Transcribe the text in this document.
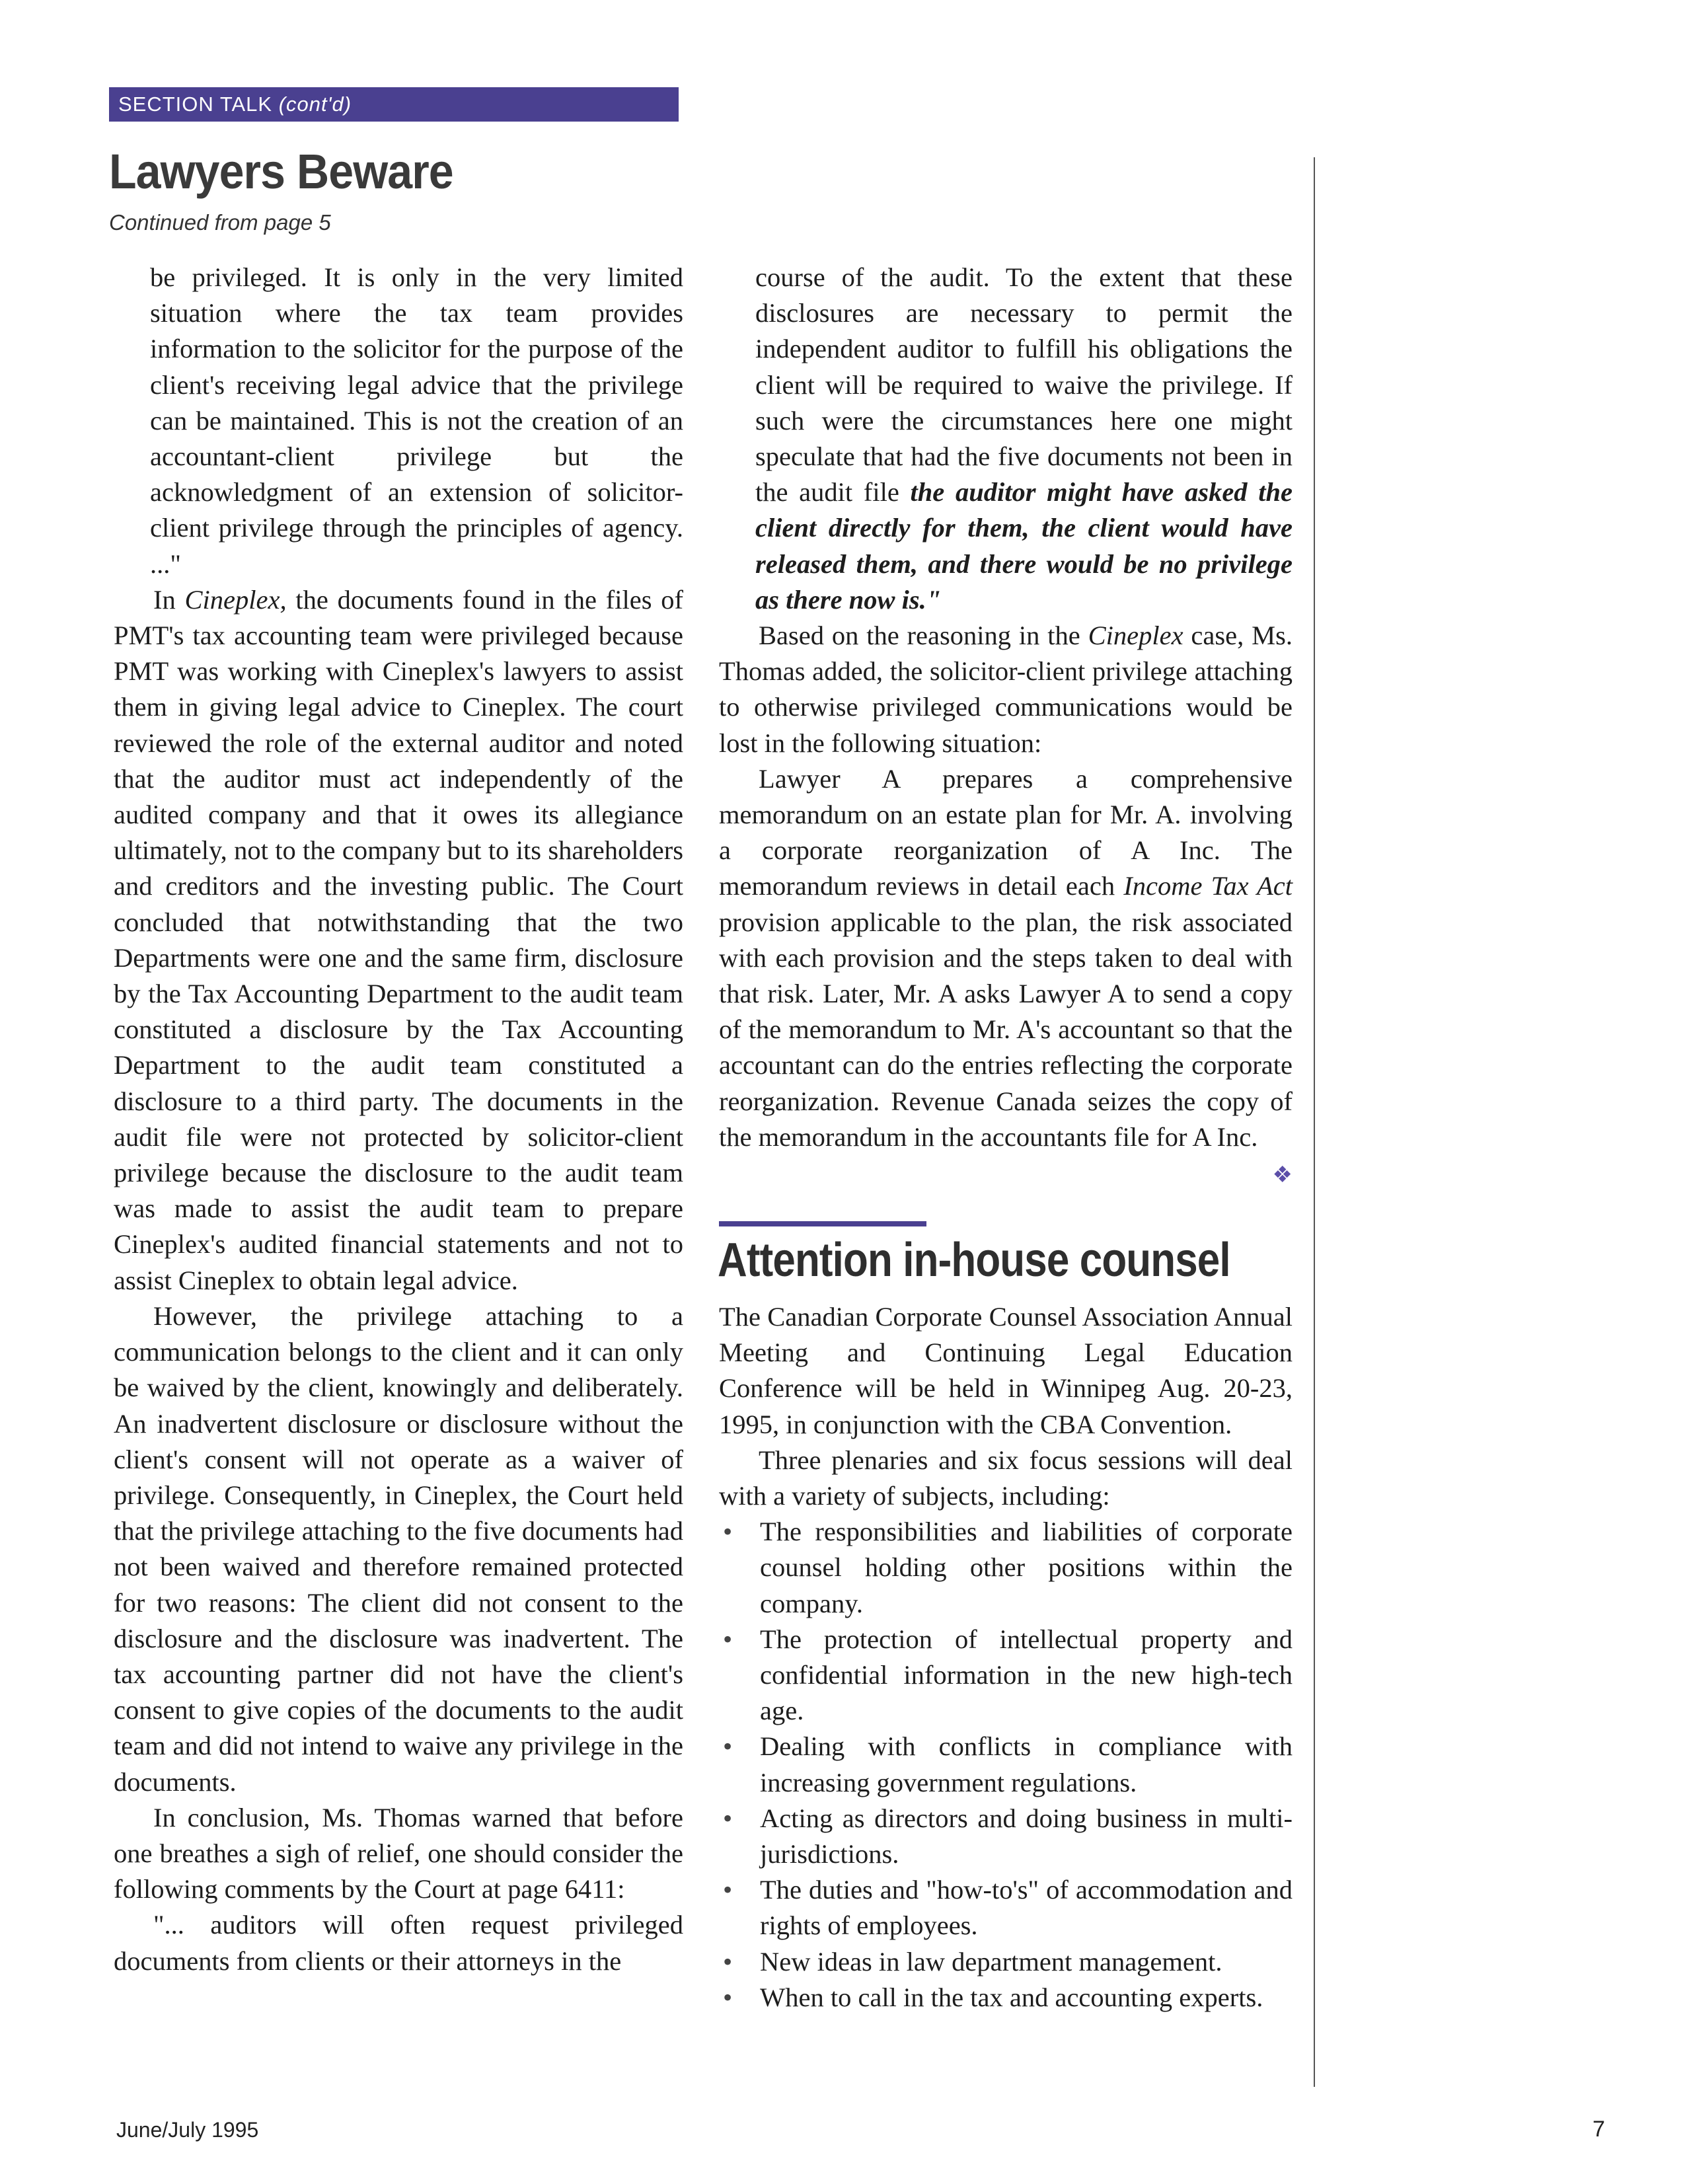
SECTION TALK (cont'd)
Lawyers Beware
Continued from page 5

be privileged. It is only in the very limited situation where the tax team provides information to the solicitor for the purpose of the client's receiving legal advice that the privilege can be maintained. This is not the creation of an accountant-client privilege but the acknowledgment of an extension of solicitor-client privilege through the principles of agency. ..."

In Cineplex, the documents found in the files of PMT's tax accounting team were privileged because PMT was working with Cineplex's lawyers to assist them in giving legal advice to Cineplex. The court reviewed the role of the external auditor and noted that the auditor must act independently of the audited company and that it owes its allegiance ultimately, not to the company but to its shareholders and creditors and the investing public. The Court concluded that notwithstanding that the two Departments were one and the same firm, disclosure by the Tax Accounting Department to the audit team constituted a disclosure by the Tax Accounting Department to the audit team constituted a disclosure to a third party. The documents in the audit file were not protected by solicitor-client privilege because the disclosure to the audit team was made to assist the audit team to prepare Cineplex's audited financial statements and not to assist Cineplex to obtain legal advice.

However, the privilege attaching to a communication belongs to the client and it can only be waived by the client, knowingly and deliberately. An inadvertent disclosure or disclosure without the client's consent will not operate as a waiver of privilege. Consequently, in Cineplex, the Court held that the privilege attaching to the five documents had not been waived and therefore remained protected for two reasons: The client did not consent to the disclosure and the disclosure was inadvertent. The tax accounting partner did not have the client's consent to give copies of the documents to the audit team and did not intend to waive any privilege in the documents.

In conclusion, Ms. Thomas warned that before one breathes a sigh of relief, one should consider the following comments by the Court at page 6411:

"... auditors will often request privileged documents from clients or their attorneys in the

course of the audit. To the extent that these disclosures are necessary to permit the independent auditor to fulfill his obligations the client will be required to waive the privilege. If such were the circumstances here one might speculate that had the five documents not been in the audit file the auditor might have asked the client directly for them, the client would have released them, and there would be no privilege as there now is."

Based on the reasoning in the Cineplex case, Ms. Thomas added, the solicitor-client privilege attaching to otherwise privileged communications would be lost in the following situation:

Lawyer A prepares a comprehensive memorandum on an estate plan for Mr. A. involving a corporate reorganization of A Inc. The memorandum reviews in detail each Income Tax Act provision applicable to the plan, the risk associated with each provision and the steps taken to deal with that risk. Later, Mr. A asks Lawyer A to send a copy of the memorandum to Mr. A's accountant so that the accountant can do the entries reflecting the corporate reorganization. Revenue Canada seizes the copy of the memorandum in the accountants file for A Inc.
❖

Attention in-house counsel

The Canadian Corporate Counsel Association Annual Meeting and Continuing Legal Education Conference will be held in Winnipeg Aug. 20-23, 1995, in conjunction with the CBA Convention.

Three plenaries and six focus sessions will deal with a variety of subjects, including:

• The responsibilities and liabilities of corporate counsel holding other positions within the company.
• The protection of intellectual property and confidential information in the new high-tech age.
• Dealing with conflicts in compliance with increasing government regulations.
• Acting as directors and doing business in multi-jurisdictions.
• The duties and "how-to's" of accommodation and rights of employees.
• New ideas in law department management.
• When to call in the tax and accounting experts.
June/July 1995	7
